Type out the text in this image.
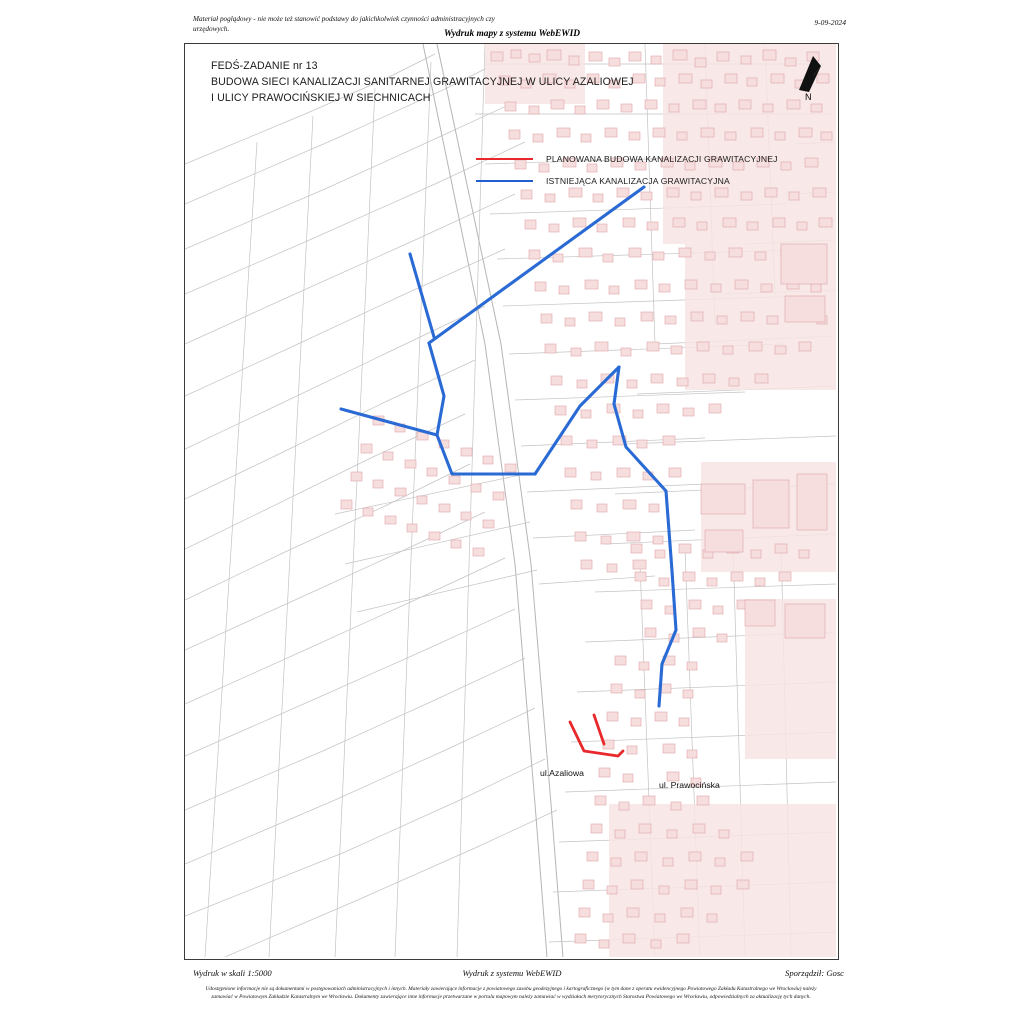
Materiał poglądowy - nie może też stanowić podstawy do jakichkolwiek czynności administracyjnych czy urzędowych.
9-09-2024
Wydruk mapy z systemu WebEWID
FEDŚ-ZADANIE nr 13
BUDOWA SIECI KANALIZACJI SANITARNEJ GRAWITACYJNEJ W ULICY AZALIOWEJ
I ULICY PRAWOCIŃSKIEJ W SIECHNICACH	N
PLANOWANA BUDOWA KANALIZACJI GRAWITACYJNEJ
ISTNIEJĄCA KANALIZACJA GRAWITACYJNA
ul.Azaliowa
ul. Prawocińska
Wydruk w skali 1:5000	Wydruk z systemu WebEWID	Sporządził: Gosc
Udostępnione informacje nie są dokumentami w postępowaniach administracyjnych i innych. Materiały zawierające informacje z powiatowego zasobu geodezyjnego i kartograficznego (w tym dane z operatu ewidencyjnego Powiatowego Zakładu Katastralnego we Wrocławiu) należy zamawiać w Powiatowym Zakładzie Katastralnym we Wrocławiu. Dokumenty zawierające inne informacje przetwarzane w portalu mapowym należy zamawiać w wydziałach merytorycznych Starostwa Powiatowego we Wrocławiu, odpowiedzialnych za aktualizację tych danych.
